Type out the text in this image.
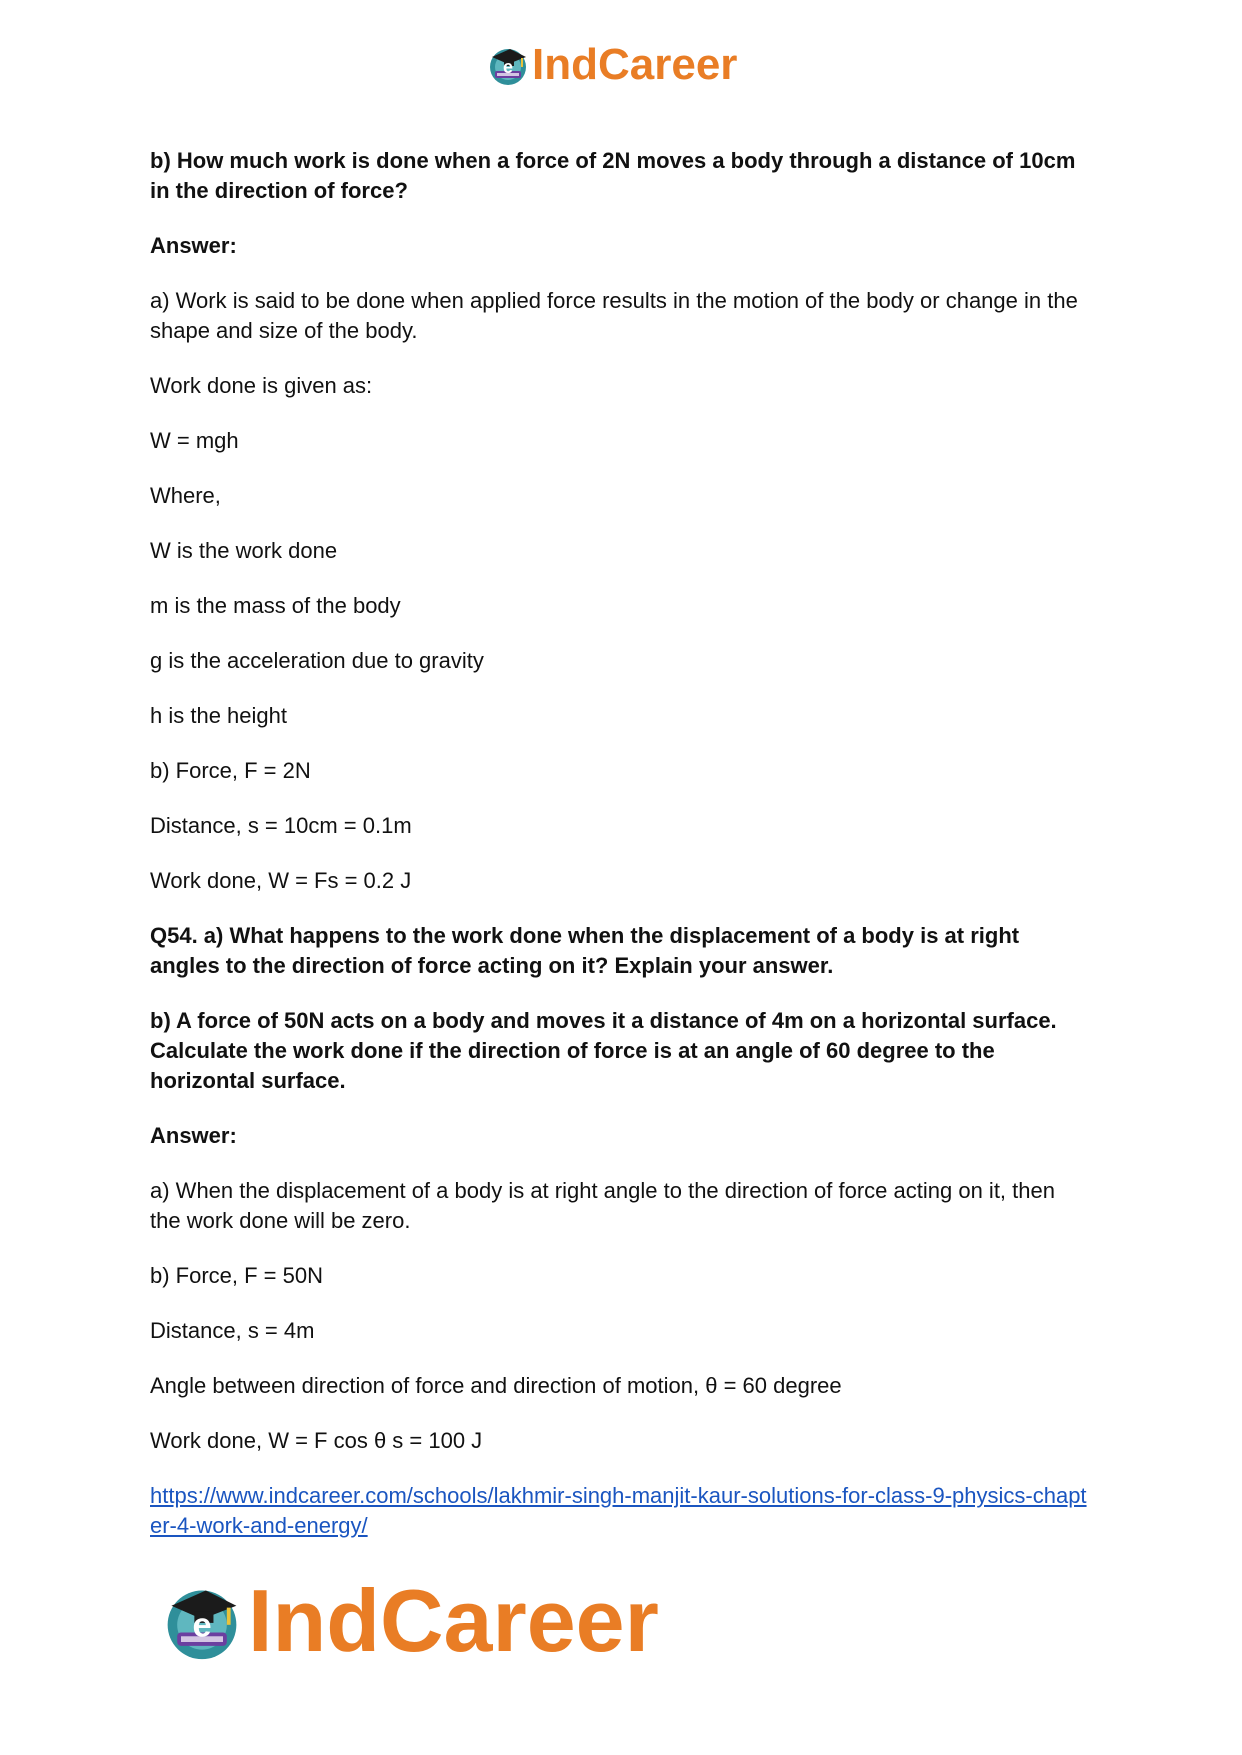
e IndCareer

b) How much work is done when a force of 2N moves a body through a distance of 10cm in the direction of force?

Answer:

a) Work is said to be done when applied force results in the motion of the body or change in the shape and size of the body.

Work done is given as:

W = mgh

Where,

W is the work done

m is the mass of the body

g is the acceleration due to gravity

h is the height

b) Force, F = 2N

Distance, s = 10cm = 0.1m

Work done, W = Fs = 0.2 J

Q54. a) What happens to the work done when the displacement of a body is at right angles to the direction of force acting on it? Explain your answer.

b) A force of 50N acts on a body and moves it a distance of 4m on a horizontal surface. Calculate the work done if the direction of force is at an angle of 60 degree to the horizontal surface.

Answer:

a) When the displacement of a body is at right angle to the direction of force acting on it, then the work done will be zero.

b) Force, F = 50N

Distance, s = 4m

Angle between direction of force and direction of motion, θ = 60 degree

Work done, W = F cos θ s = 100 J

https://www.indcareer.com/schools/lakhmir-singh-manjit-kaur-solutions-for-class-9-physics-chapter-4-work-and-energy/
e IndCareer
